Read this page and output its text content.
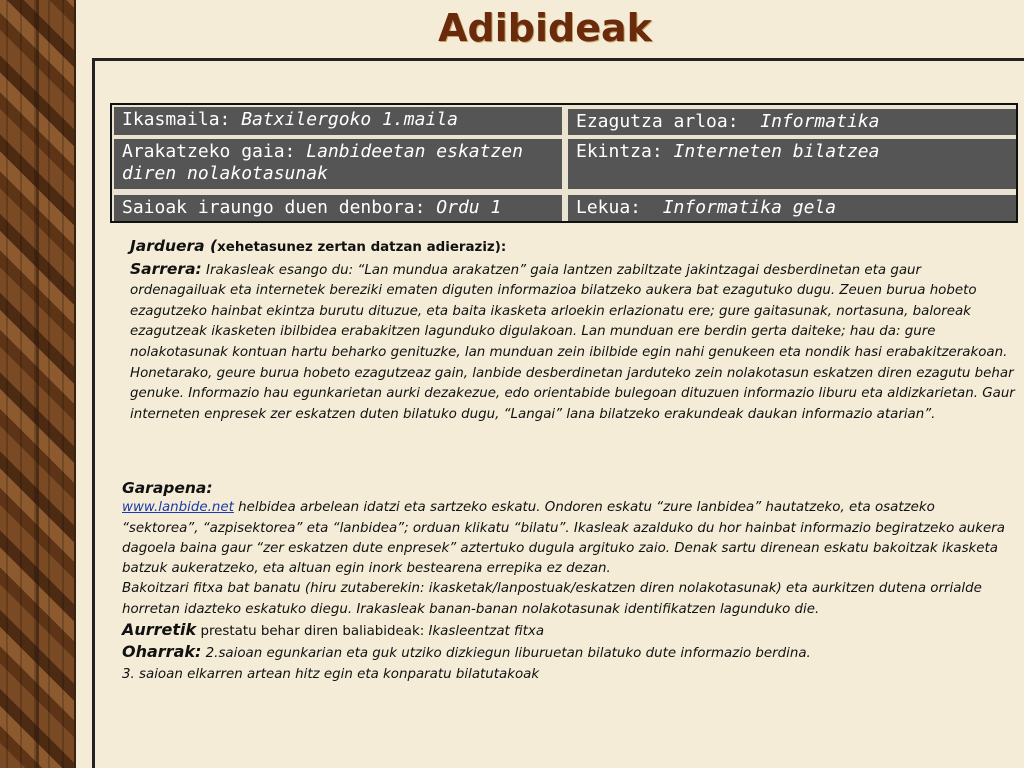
Adibideak
Ikasmaila: Batxilergoko 1.maila	Ezagutza arloa: Informatika
Arakatzeko gaia: Lanbideetan eskatzen diren nolakotasunak
Ekintza: Interneten bilatzea
Saioak iraungo duen denbora: Ordu 1	Lekua: Informatika gela
Jarduera (xehetasunez zertan datzan adieraziz):
Sarrera: Irakasleak esango du: “Lan mundua arakatzen” gaia lantzen zabiltzate jakintzagai desberdinetan eta gaur ordenagailuak eta internetek bereziki ematen diguten informazioa bilatzeko aukera bat ezagutuko dugu. Zeuen burua hobeto ezagutzeko hainbat ekintza burutu dituzue, eta baita ikasketa arloekin erlazionatu ere; gure gaitasunak, nortasuna, baloreak ezagutzeak ikasketen ibilbidea erabakitzen lagunduko digulakoan. Lan munduan ere berdin gerta daiteke; hau da: gure nolakotasunak kontuan hartu beharko genituzke, lan munduan zein ibilbide egin nahi genukeen eta nondik hasi erabakitzerakoan. Honetarako, geure burua hobeto ezagutzeaz gain, lanbide desberdinetan jarduteko zein nolakotasun eskatzen diren ezagutu behar genuke. Informazio hau egunkarietan aurki dezakezue, edo orientabide bulegoan dituzuen informazio liburu eta aldizkarietan. Gaur interneten enpresek zer eskatzen duten bilatuko dugu, “Langai” lana bilatzeko erakundeak daukan informazio atarian”.
Garapena:
www.lanbide.net helbidea arbelean idatzi eta sartzeko eskatu. Ondoren eskatu “zure lanbidea” hautatzeko, eta osatzeko “sektorea”, “azpisektorea” eta “lanbidea”; orduan klikatu “bilatu”. Ikasleak azalduko du hor hainbat informazio begiratzeko aukera dagoela baina gaur “zer eskatzen dute enpresek” aztertuko dugula argituko zaio. Denak sartu direnean eskatu bakoitzak ikasketa batzuk aukeratzeko, eta altuan egin inork bestearena errepika ez dezan.
Bakoitzari fitxa bat banatu (hiru zutaberekin: ikasketak/lanpostuak/eskatzen diren nolakotasunak) eta aurkitzen dutena orrialde horretan idazteko eskatuko diegu. Irakasleak banan-banan nolakotasunak identifikatzen lagunduko die.
Aurretik prestatu behar diren baliabideak: Ikasleentzat fitxa
Oharrak: 2.saioan egunkarian eta guk utziko dizkiegun liburuetan bilatuko dute informazio berdina.
3. saioan elkarren artean hitz egin eta konparatu bilatutakoak
